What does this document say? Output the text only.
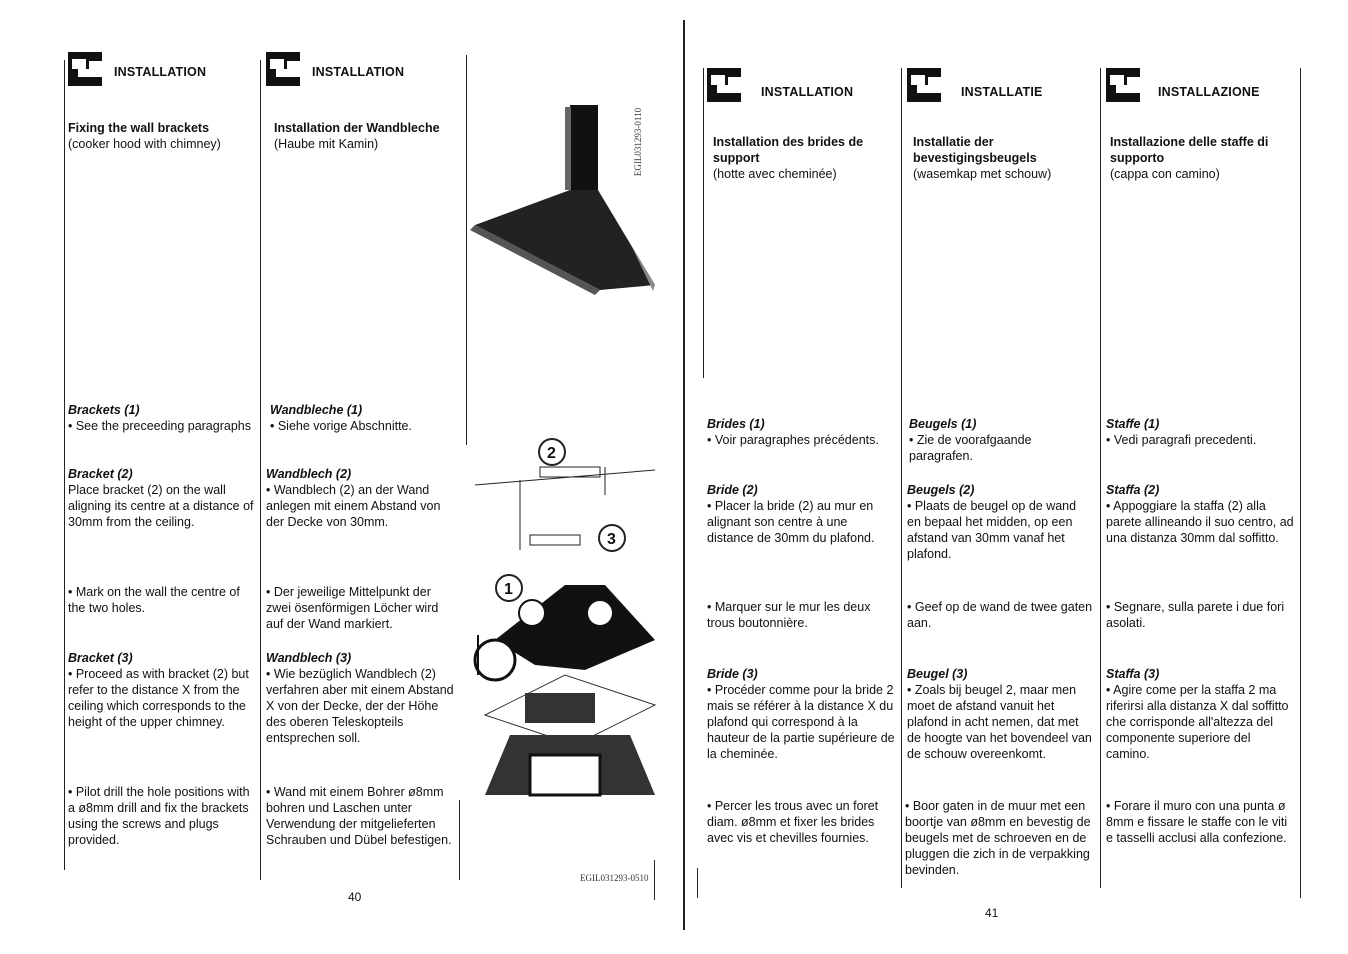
INSTALLATION

Fixing the wall brackets

(cooker hood with chimney)

Brackets (1)

• See the preceeding paragraphs

Bracket (2)

Place bracket (2) on the wall aligning its centre at a distance of 30mm from the ceiling.

• Mark on the wall the centre of the two holes.

Bracket (3)

• Proceed as with bracket (2) but refer to the distance X from the ceiling which corresponds to the height of the upper chimney.

• Pilot drill the hole positions with a ø8mm drill and fix the brackets using the screws and plugs provided.

INSTALLATION

Installation der Wandbleche

(Haube mit Kamin)

Wandbleche (1)

• Siehe vorige Abschnitte.

Wandblech (2)

• Wandblech (2) an der Wand anlegen mit einem Abstand von der Decke von 30mm.

• Der jeweilige Mittelpunkt der zwei ösenförmigen Löcher wird auf der Wand markiert.

Wandblech (3)

• Wie bezüglich Wandblech (2) verfahren aber mit einem Abstand X von der Decke, der der Höhe des oberen Teleskopteils entsprechen soll.

• Wand mit einem Bohrer ø8mm bohren und Laschen unter Verwendung der mitgelieferten Schrauben und Dübel befestigen.

2
3
1
EGIL031293-0110
EGIL031293-0510
40
INSTALLATION

Installation des brides de support

(hotte avec cheminée)

Brides (1)

• Voir paragraphes précédents.

Bride (2)

• Placer la bride (2) au mur en alignant son centre à une distance de 30mm du plafond.

• Marquer sur le mur les deux trous boutonnière.

Bride (3)

• Procéder comme pour la bride 2 mais se référer à la distance X du plafond qui correspond à la hauteur de la partie supérieure de la cheminée.

• Percer les trous avec un foret diam. ø8mm et fixer les brides avec vis et chevilles fournies.

INSTALLATIE

Installatie der bevestigingsbeugels

(wasemkap met schouw)

Beugels (1)

• Zie de voorafgaande paragrafen.

Beugels (2)

• Plaats de beugel op de wand en bepaal het midden, op een afstand van 30mm vanaf het plafond.

• Geef op de wand de twee gaten aan.

Beugel (3)

• Zoals bij beugel 2, maar men moet de afstand vanuit het plafond in acht nemen, dat met de hoogte van het bovendeel van de schouw overeenkomt.

• Boor gaten in de muur met een boortje van ø8mm en bevestig de beugels met de schroeven en de pluggen die zich in de verpakking bevinden.

INSTALLAZIONE

Installazione delle staffe di supporto

(cappa con camino)

Staffe (1)

• Vedi paragrafi precedenti.

Staffa (2)

• Appoggiare la staffa (2) alla parete allineando il suo centro, ad una distanza 30mm dal soffitto.

• Segnare, sulla parete i due fori asolati.

Staffa (3)

• Agire come per la staffa 2 ma riferirsi alla distanza X dal soffitto che corrisponde all'altezza del componente superiore del camino.

• Forare il muro con una punta ø 8mm e fissare le staffe con le viti e tasselli acclusi alla confezione.

41
